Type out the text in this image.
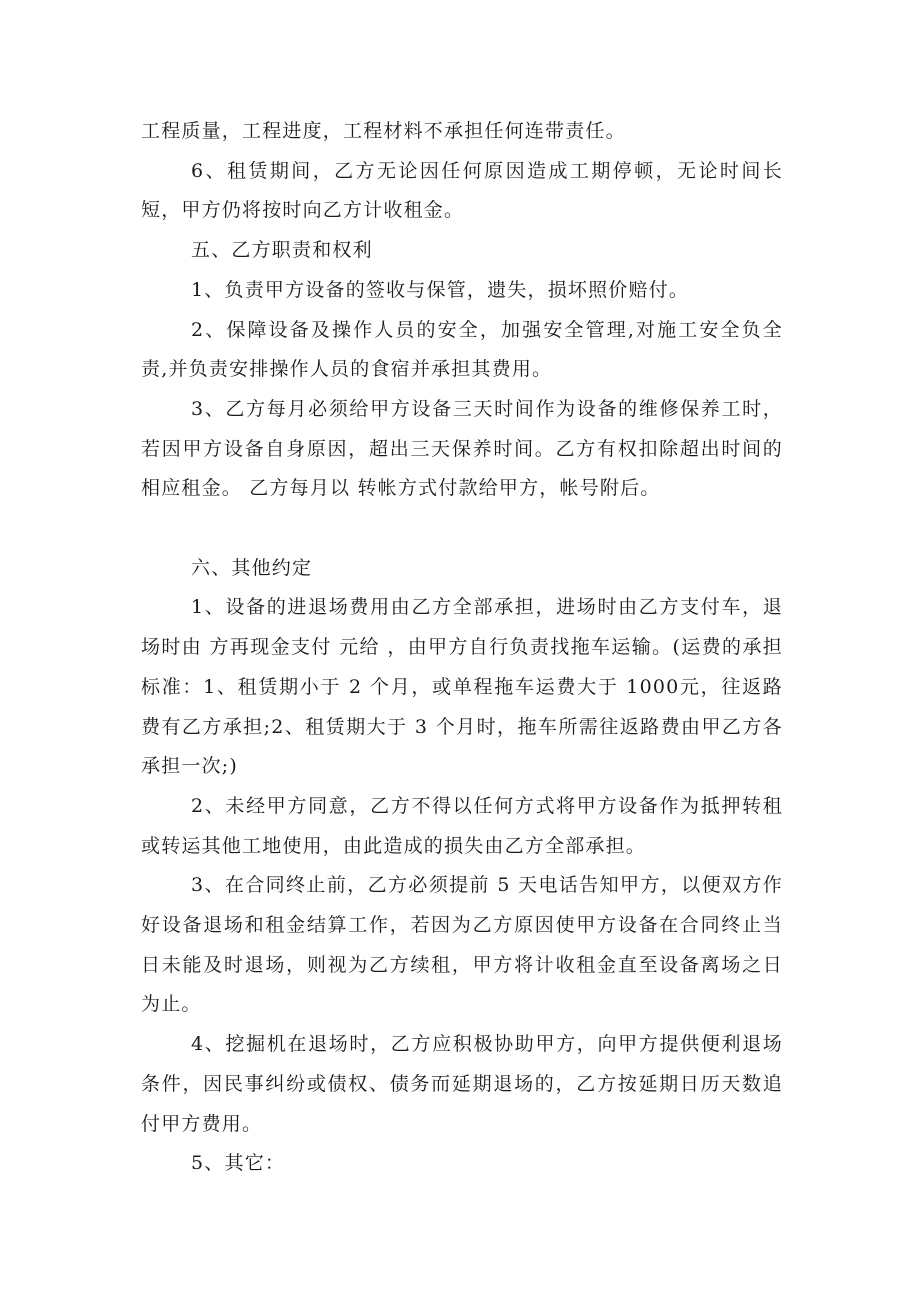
工程质量，工程进度，工程材料不承担任何连带责任。

6、租赁期间，乙方无论因任何原因造成工期停顿，无论时间长短，甲方仍将按时向乙方计收租金。

五、乙方职责和权利

1、负责甲方设备的签收与保管，遗失，损坏照价赔付。

2、保障设备及操作人员的安全，加强安全管理,对施工安全负全责,并负责安排操作人员的食宿并承担其费用。

3、乙方每月必须给甲方设备三天时间作为设备的维修保养工时，若因甲方设备自身原因，超出三天保养时间。乙方有权扣除超出时间的相应租金。 乙方每月以 转帐方式付款给甲方，帐号附后。

六、其他约定

1、设备的进退场费用由乙方全部承担，进场时由乙方支付车，退场时由 方再现金支付 元给 ，由甲方自行负责找拖车运输。(运费的承担标准：1、租赁期小于 2 个月，或单程拖车运费大于 1000元，往返路费有乙方承担;2、租赁期大于 3 个月时，拖车所需往返路费由甲乙方各承担一次;)

2、未经甲方同意，乙方不得以任何方式将甲方设备作为抵押转租或转运其他工地使用，由此造成的损失由乙方全部承担。

3、在合同终止前，乙方必须提前 5 天电话告知甲方，以便双方作好设备退场和租金结算工作，若因为乙方原因使甲方设备在合同终止当日未能及时退场，则视为乙方续租，甲方将计收租金直至设备离场之日为止。

4、挖掘机在退场时，乙方应积极协助甲方，向甲方提供便利退场条件，因民事纠纷或债权、债务而延期退场的，乙方按延期日历天数追付甲方费用。

5、其它：
